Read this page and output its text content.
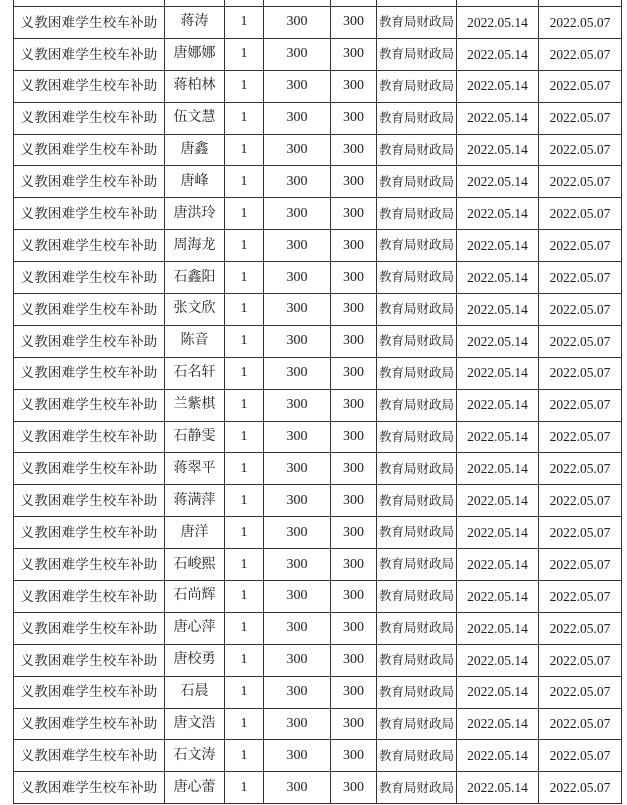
义教困难学生校车补助	蒋涛	1	300	300	教育局财政局	2022.05.14	2022.05.07
义教困难学生校车补助	唐娜娜	1	300	300	教育局财政局	2022.05.14	2022.05.07
义教困难学生校车补助	蒋柏林	1	300	300	教育局财政局	2022.05.14	2022.05.07
义教困难学生校车补助	伍文慧	1	300	300	教育局财政局	2022.05.14	2022.05.07
义教困难学生校车补助	唐鑫	1	300	300	教育局财政局	2022.05.14	2022.05.07
义教困难学生校车补助	唐峰	1	300	300	教育局财政局	2022.05.14	2022.05.07
义教困难学生校车补助	唐洪玲	1	300	300	教育局财政局	2022.05.14	2022.05.07
义教困难学生校车补助	周海龙	1	300	300	教育局财政局	2022.05.14	2022.05.07
义教困难学生校车补助	石鑫阳	1	300	300	教育局财政局	2022.05.14	2022.05.07
义教困难学生校车补助	张文欣	1	300	300	教育局财政局	2022.05.14	2022.05.07
义教困难学生校车补助	陈音	1	300	300	教育局财政局	2022.05.14	2022.05.07
义教困难学生校车补助	石名轩	1	300	300	教育局财政局	2022.05.14	2022.05.07
义教困难学生校车补助	兰紫棋	1	300	300	教育局财政局	2022.05.14	2022.05.07
义教困难学生校车补助	石静雯	1	300	300	教育局财政局	2022.05.14	2022.05.07
义教困难学生校车补助	蒋翠平	1	300	300	教育局财政局	2022.05.14	2022.05.07
义教困难学生校车补助	蒋满萍	1	300	300	教育局财政局	2022.05.14	2022.05.07
义教困难学生校车补助	唐洋	1	300	300	教育局财政局	2022.05.14	2022.05.07
义教困难学生校车补助	石峻熙	1	300	300	教育局财政局	2022.05.14	2022.05.07
义教困难学生校车补助	石尚辉	1	300	300	教育局财政局	2022.05.14	2022.05.07
义教困难学生校车补助	唐心萍	1	300	300	教育局财政局	2022.05.14	2022.05.07
义教困难学生校车补助	唐校勇	1	300	300	教育局财政局	2022.05.14	2022.05.07
义教困难学生校车补助	石晨	1	300	300	教育局财政局	2022.05.14	2022.05.07
义教困难学生校车补助	唐文浩	1	300	300	教育局财政局	2022.05.14	2022.05.07
义教困难学生校车补助	石文涛	1	300	300	教育局财政局	2022.05.14	2022.05.07
义教困难学生校车补助	唐心蕾	1	300	300	教育局财政局	2022.05.14	2022.05.07
